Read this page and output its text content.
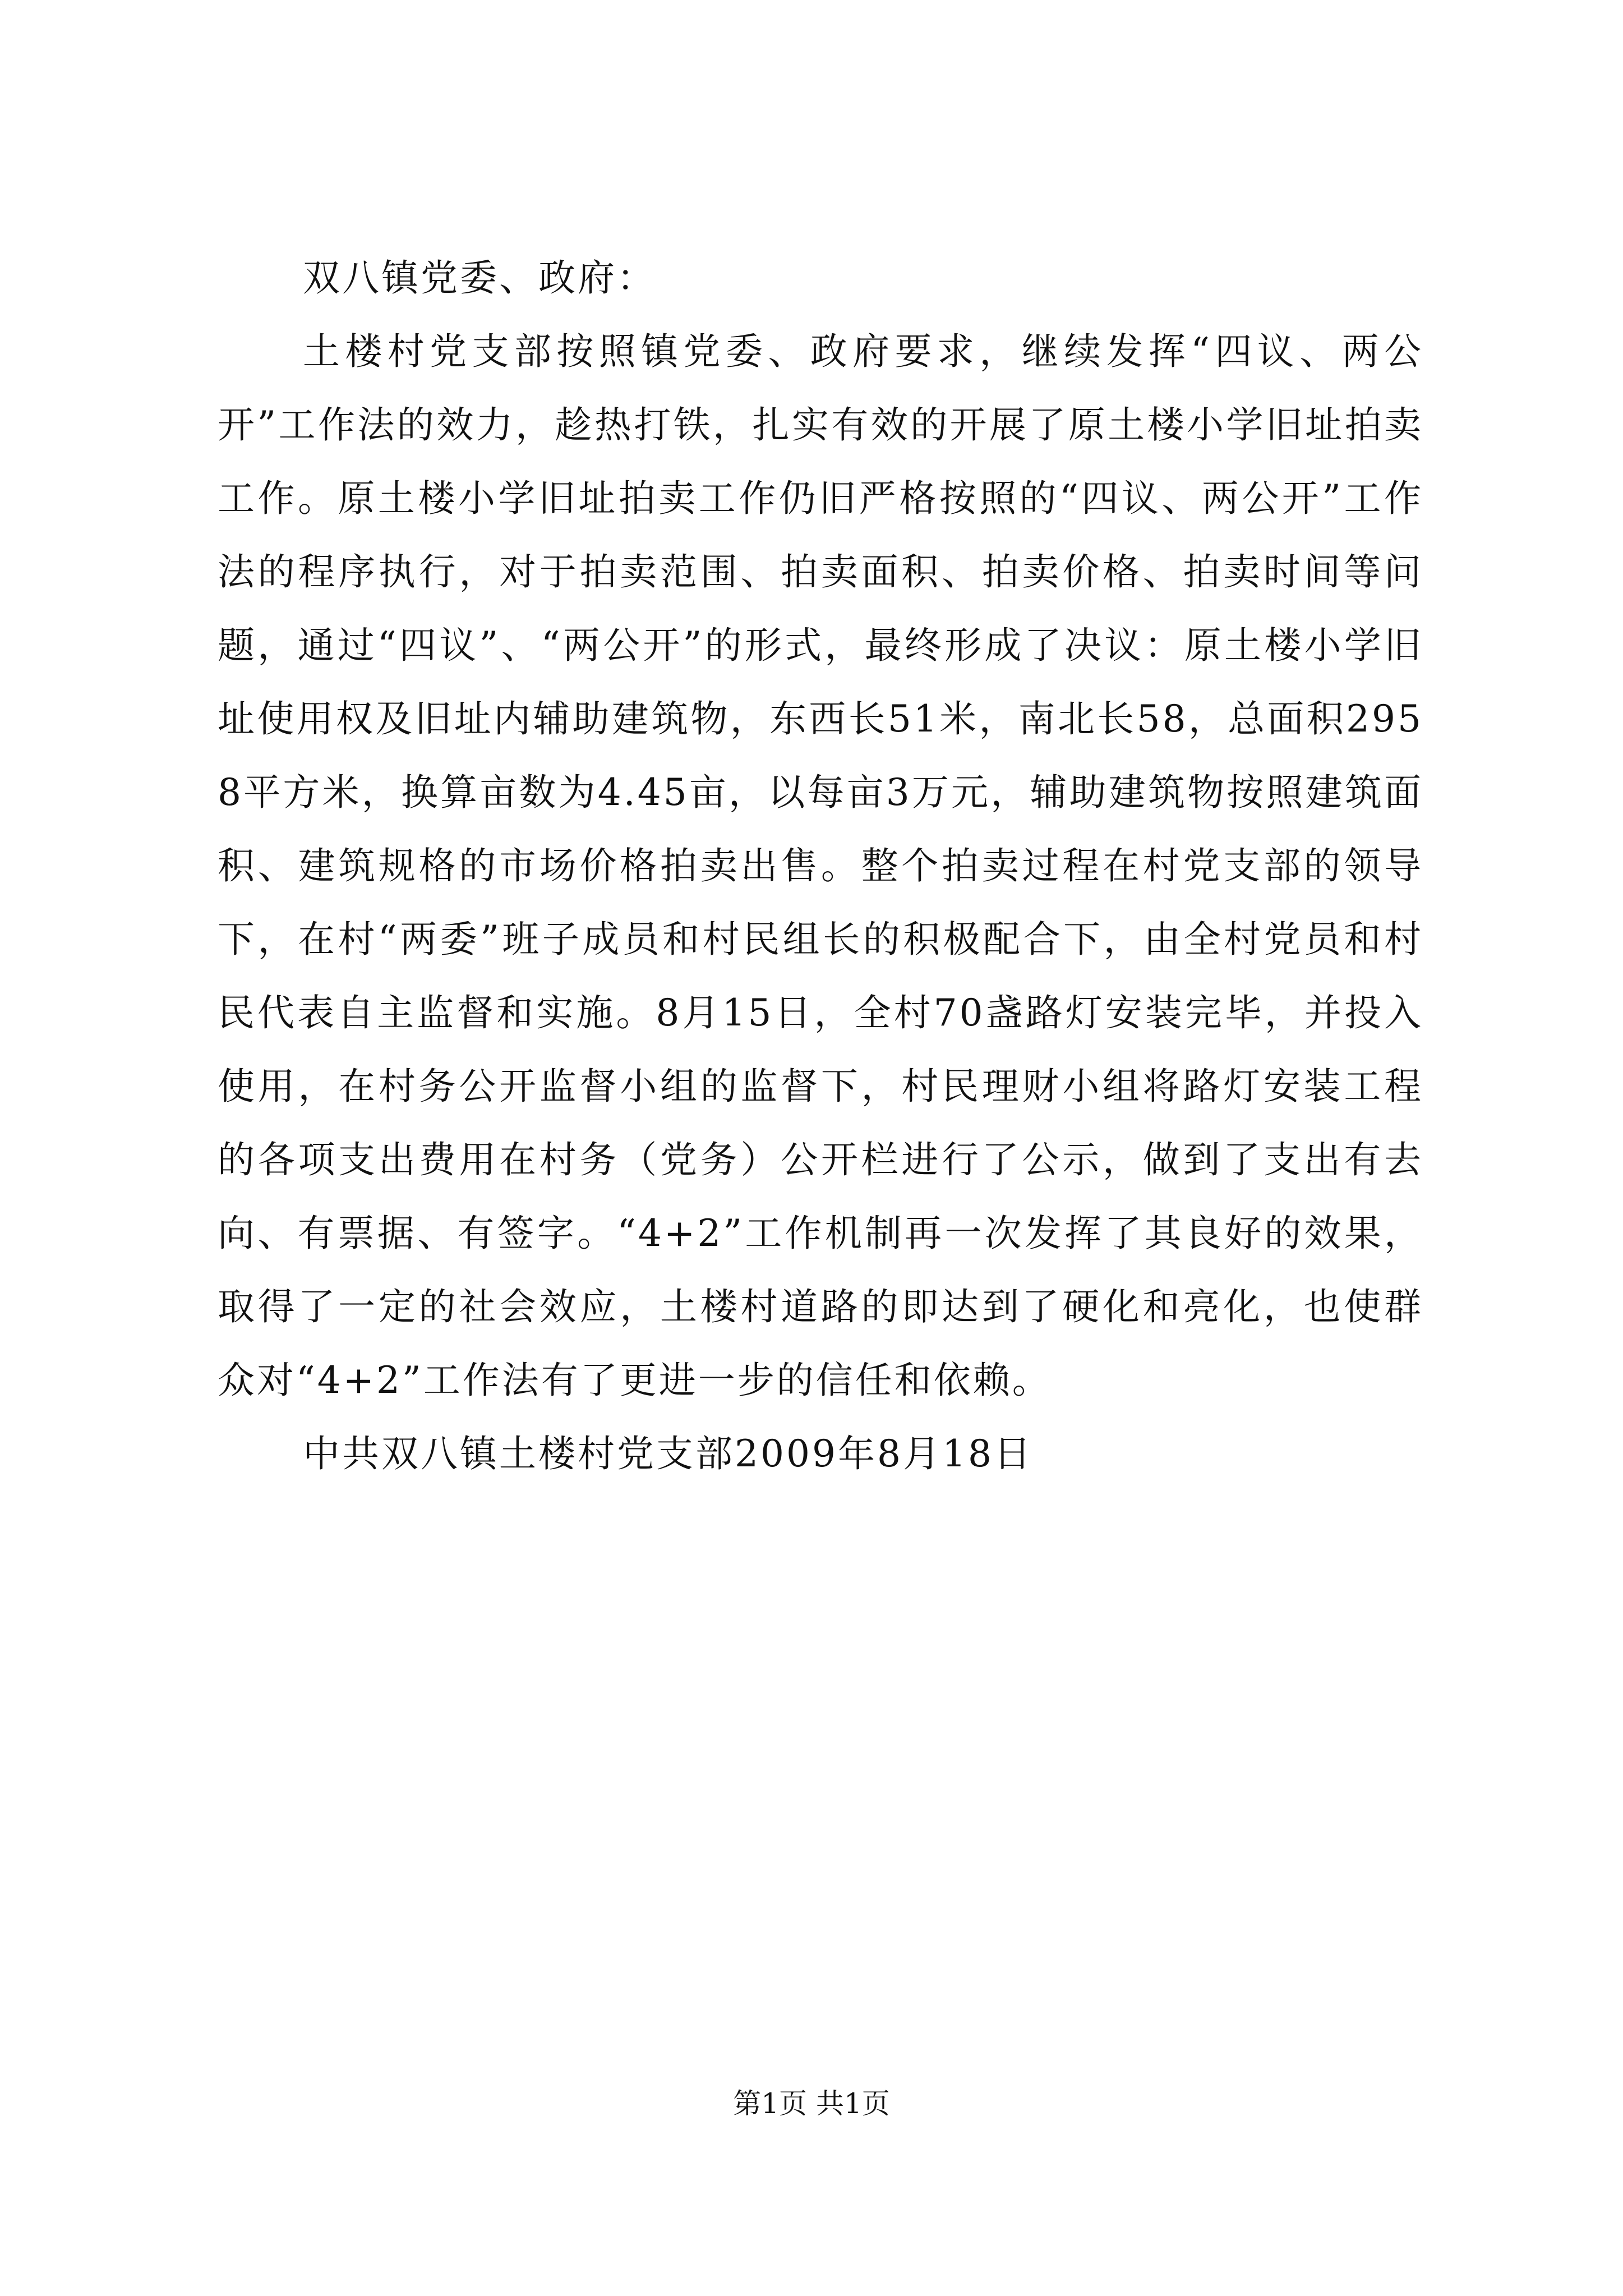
双八镇党委、政府：

土楼村党支部按照镇党委、政府要求，继续发挥“四议、两公开”工作法的效力，趁热打铁，扎实有效的开展了原土楼小学旧址拍卖工作。原土楼小学旧址拍卖工作仍旧严格按照的“四议、两公开”工作法的程序执行，对于拍卖范围、拍卖面积、拍卖价格、拍卖时间等问题，通过“四议”、“两公开”的形式，最终形成了决议：原土楼小学旧址使用权及旧址内辅助建筑物，东西长51米，南北长58，总面积2958平方米，换算亩数为4.45亩，以每亩3万元，辅助建筑物按照建筑面积、建筑规格的市场价格拍卖出售。整个拍卖过程在村党支部的领导下，在村“两委”班子成员和村民组长的积极配合下，由全村党员和村民代表自主监督和实施。8月15日，全村70盏路灯安装完毕，并投入使用，在村务公开监督小组的监督下，村民理财小组将路灯安装工程的各项支出费用在村务（党务）公开栏进行了公示，做到了支出有去向、有票据、有签字。“4+2”工作机制再一次发挥了其良好的效果，取得了一定的社会效应，土楼村道路的即达到了硬化和亮化，也使群众对“4+2”工作法有了更进一步的信任和依赖。

中共双八镇土楼村党支部2009年8月18日

第1页 共1页
